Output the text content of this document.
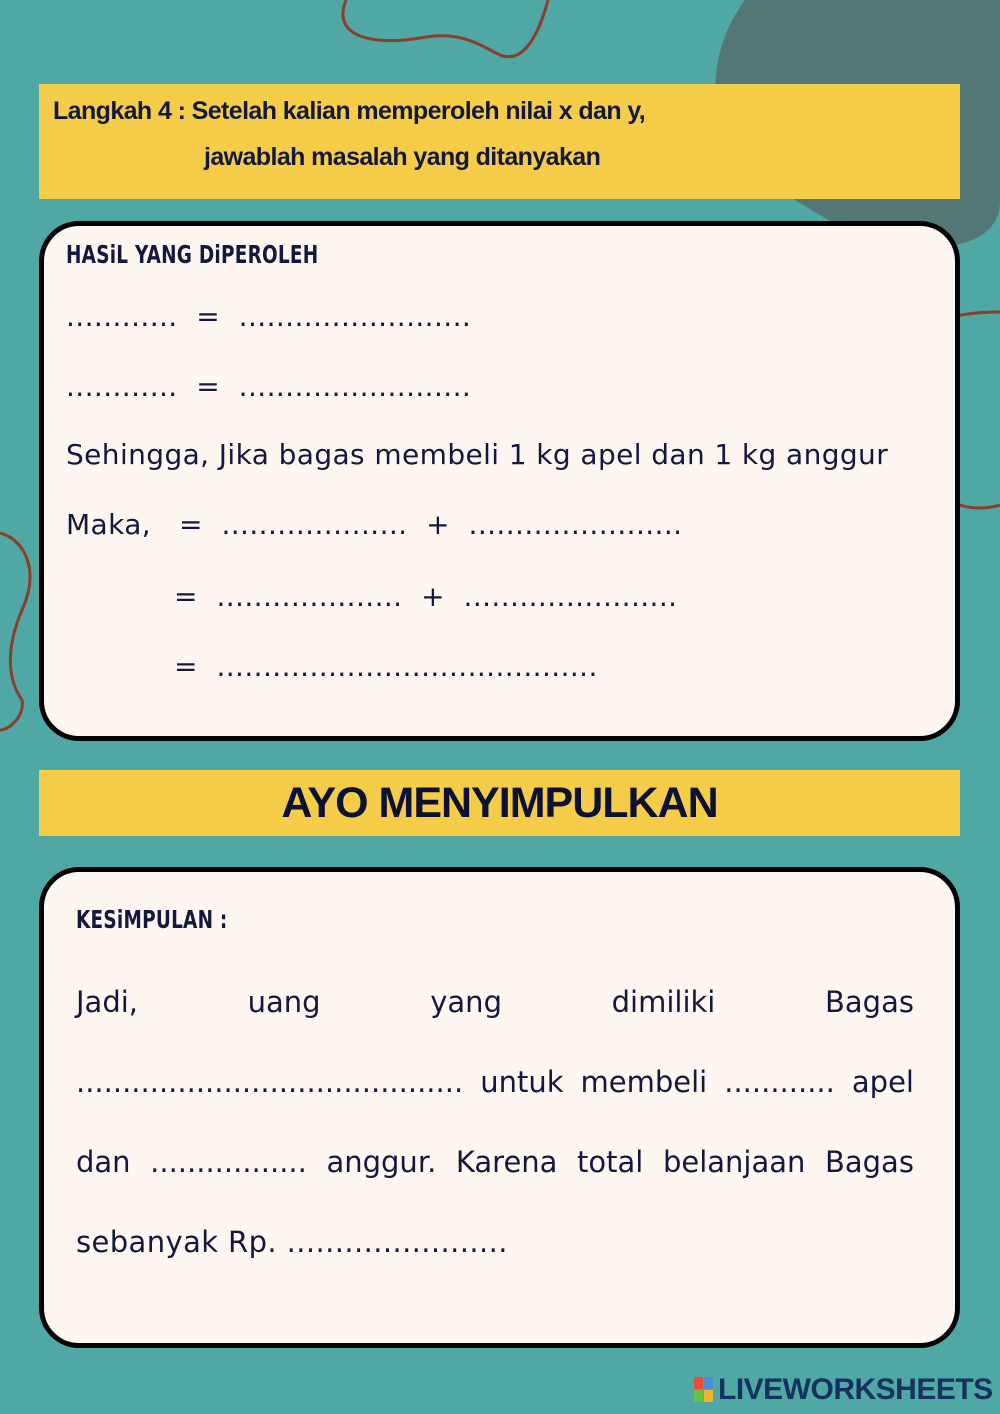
Langkah 4 : Setelah kalian memperoleh nilai x dan y,
jawablah masalah yang ditanyakan
HASiL YANG DiPEROLEH
............  =  .........................
............  =  .........................
Sehingga, Jika bagas membeli 1 kg apel dan 1 kg anggur
Maka,   =  ....................  +  .......................
=  ....................  +  .......................
=  .........................................
AYO MENYIMPULKAN
KESiMPULAN :
Jadi,	uang	yang	dimiliki	Bagas
.......................................... untuk membeli ............ apel
dan ................. anggur. Karena total belanjaan Bagas
sebanyak Rp. .......................
LIVEWORKSHEETS
